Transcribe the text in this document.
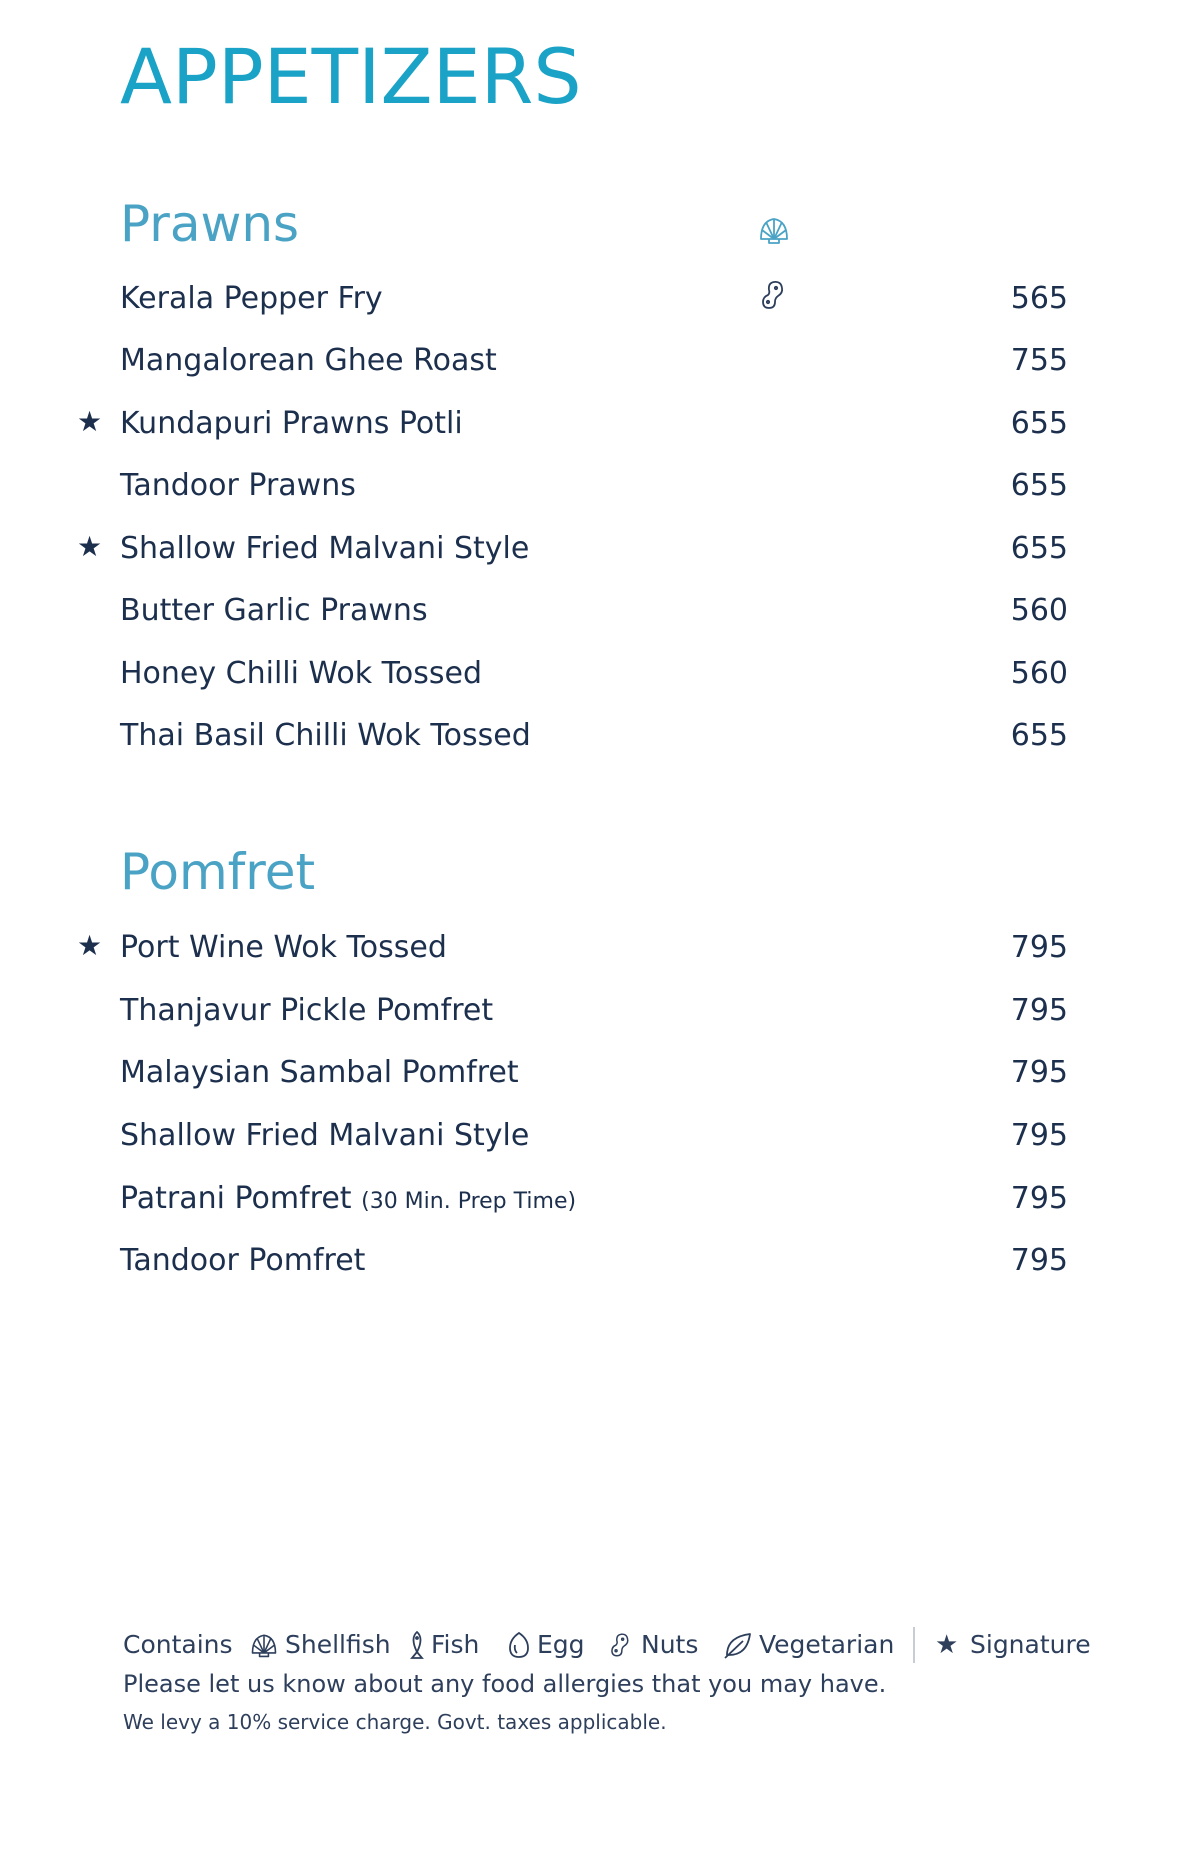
APPETIZERS
Prawns
Kerala Pepper Fry	565
Mangalorean Ghee Roast	755
★ Kundapuri Prawns Potli	655
Tandoor Prawns	655
★ Shallow Fried Malvani Style	655
Butter Garlic Prawns	560
Honey Chilli Wok Tossed	560
Thai Basil Chilli Wok Tossed	655
Pomfret
★ Port Wine Wok Tossed	795
Thanjavur Pickle Pomfret	795
Malaysian Sambal Pomfret	795
Shallow Fried Malvani Style	795
Patrani Pomfret (30 Min. Prep Time)	795
Tandoor Pomfret	795
Contains Shellfish Fish Egg Nuts Vegetarian ★ Signature
Please let us know about any food allergies that you may have.
We levy a 10% service charge. Govt. taxes applicable.
